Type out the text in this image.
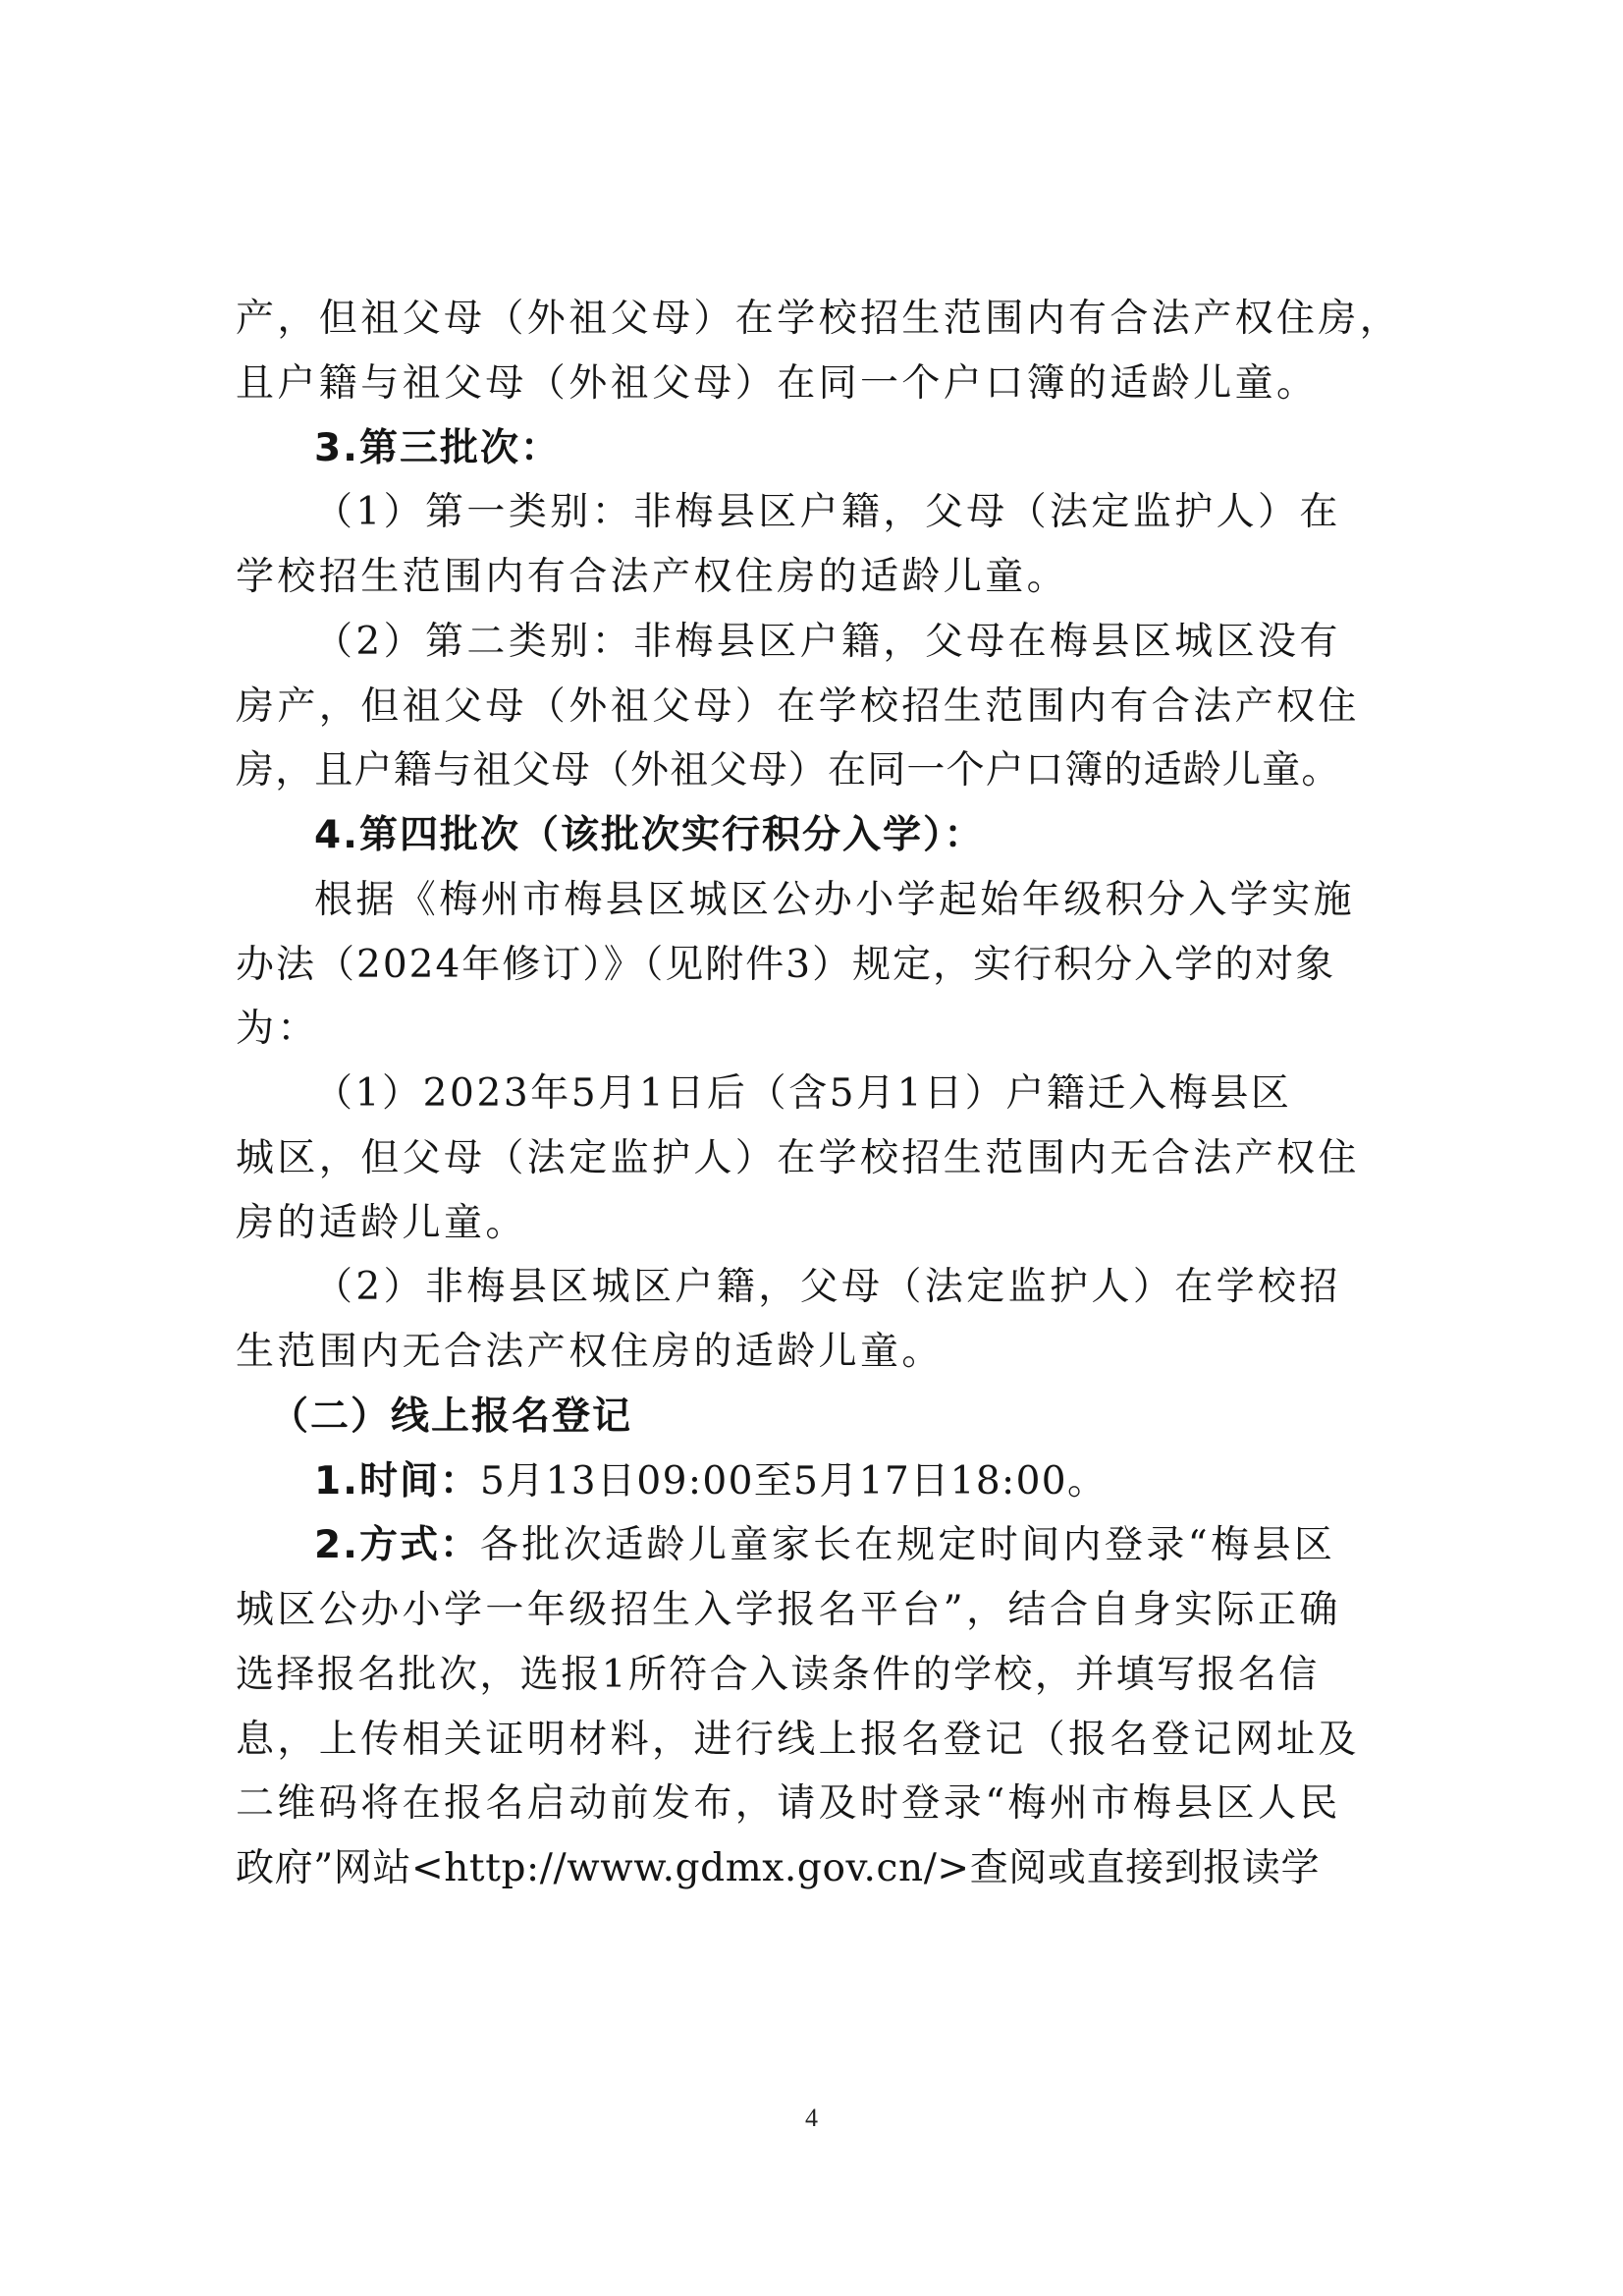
产，但祖父母（外祖父母）在学校招生范围内有合法产权住房，
且户籍与祖父母（外祖父母）在同一个户口簿的适龄儿童。
3.第三批次：
（1）第一类别：非梅县区户籍，父母（法定监护人）在
学校招生范围内有合法产权住房的适龄儿童。
（2）第二类别：非梅县区户籍，父母在梅县区城区没有
房产，但祖父母（外祖父母）在学校招生范围内有合法产权住
房，且户籍与祖父母（外祖父母）在同一个户口簿的适龄儿童。
4.第四批次（该批次实行积分入学）：
根据《梅州市梅县区城区公办小学起始年级积分入学实施
办法（2024年修订）》（见附件3）规定，实行积分入学的对象
为：
（1）2023年5月1日后（含5月1日）户籍迁入梅县区
城区，但父母（法定监护人）在学校招生范围内无合法产权住
房的适龄儿童。
（2）非梅县区城区户籍，父母（法定监护人）在学校招
生范围内无合法产权住房的适龄儿童。
（二）线上报名登记
1.时间：5月13日09:00至5月17日18:00。
2.方式：各批次适龄儿童家长在规定时间内登录“梅县区
城区公办小学一年级招生入学报名平台”，结合自身实际正确
选择报名批次，选报1所符合入读条件的学校，并填写报名信
息，上传相关证明材料，进行线上报名登记（报名登记网址及
二维码将在报名启动前发布，请及时登录“梅州市梅县区人民
政府”网站<http://www.gdmx.gov.cn/>查阅或直接到报读学
4
